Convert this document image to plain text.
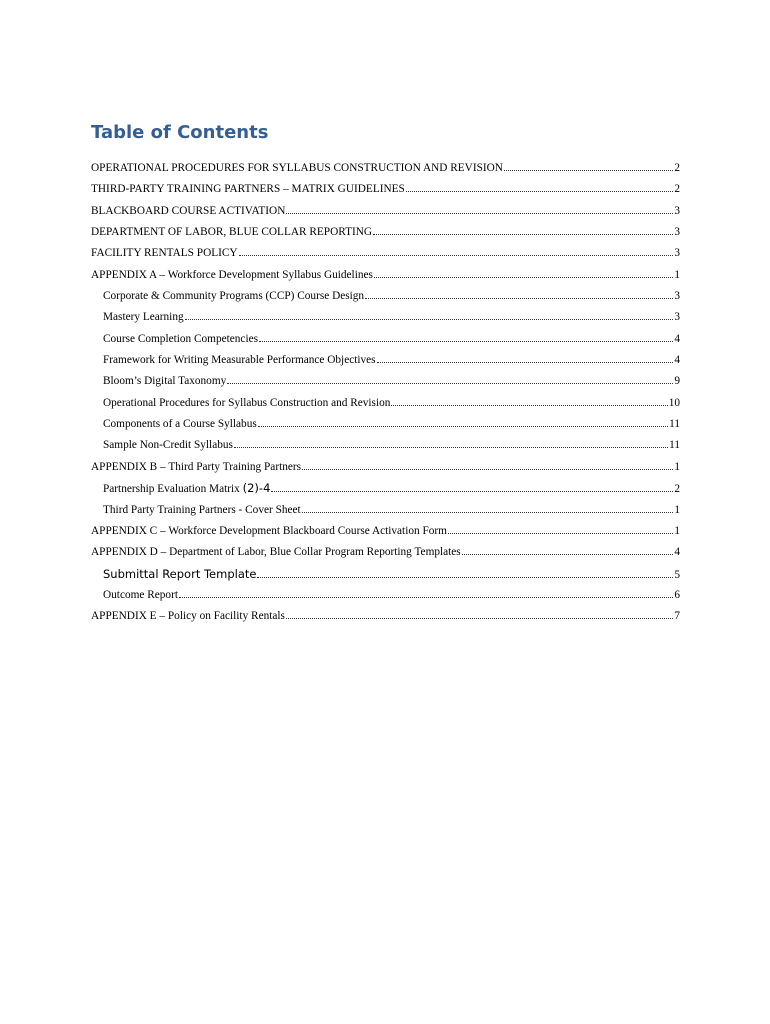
Table of Contents
OPERATIONAL PROCEDURES FOR SYLLABUS CONSTRUCTION AND REVISION	2
THIRD-PARTY TRAINING PARTNERS – MATRIX GUIDELINES	2
BLACKBOARD COURSE ACTIVATION	3
DEPARTMENT OF LABOR, BLUE COLLAR REPORTING	3
FACILITY RENTALS POLICY	3
APPENDIX A – Workforce Development Syllabus Guidelines	1
Corporate & Community Programs (CCP) Course Design	3
Mastery Learning	3
Course Completion Competencies	4
Framework for Writing Measurable Performance Objectives	4
Bloom’s Digital Taxonomy	9
Operational Procedures for Syllabus Construction and Revision	10
Components of a Course Syllabus	11
Sample Non-Credit Syllabus	11
APPENDIX B – Third Party Training Partners	1
Partnership Evaluation Matrix (2)-4	2
Third Party Training Partners - Cover Sheet	1
APPENDIX C – Workforce Development Blackboard Course Activation Form	1
APPENDIX D – Department of Labor, Blue Collar Program Reporting Templates	4
Submittal Report Template	5
Outcome Report	6
APPENDIX E – Policy on Facility Rentals	7
